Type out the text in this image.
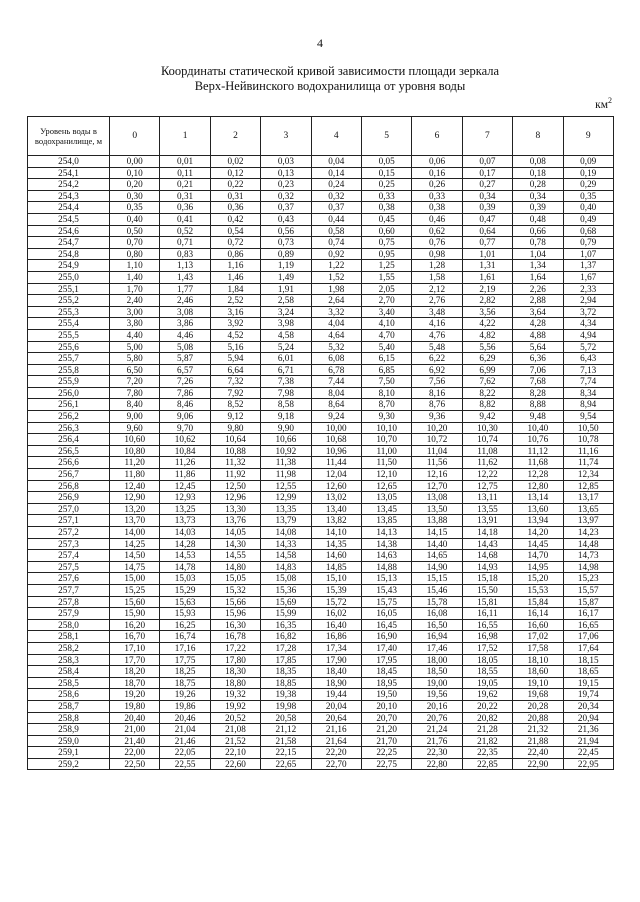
4
Координаты статической кривой зависимости площади зеркала
Верх-Нейвинского водохранилища от уровня воды
$км^2$
Уровень воды в водохранилище, м	0	1	2	3	4	5	6	7	8	9
254,0	0,00	0,01	0,02	0,03	0,04	0,05	0,06	0,07	0,08	0,09
254,1	0,10	0,11	0,12	0,13	0,14	0,15	0,16	0,17	0,18	0,19
254,2	0,20	0,21	0,22	0,23	0,24	0,25	0,26	0,27	0,28	0,29
254,3	0,30	0,31	0,31	0,32	0,32	0,33	0,33	0,34	0,34	0,35
254,4	0,35	0,36	0,36	0,37	0,37	0,38	0,38	0,39	0,39	0,40
254,5	0,40	0,41	0,42	0,43	0,44	0,45	0,46	0,47	0,48	0,49
254,6	0,50	0,52	0,54	0,56	0,58	0,60	0,62	0,64	0,66	0,68
254,7	0,70	0,71	0,72	0,73	0,74	0,75	0,76	0,77	0,78	0,79
254,8	0,80	0,83	0,86	0,89	0,92	0,95	0,98	1,01	1,04	1,07
254,9	1,10	1,13	1,16	1,19	1,22	1,25	1,28	1,31	1,34	1,37
255,0	1,40	1,43	1,46	1,49	1,52	1,55	1,58	1,61	1,64	1,67
255,1	1,70	1,77	1,84	1,91	1,98	2,05	2,12	2,19	2,26	2,33
255,2	2,40	2,46	2,52	2,58	2,64	2,70	2,76	2,82	2,88	2,94
255,3	3,00	3,08	3,16	3,24	3,32	3,40	3,48	3,56	3,64	3,72
255,4	3,80	3,86	3,92	3,98	4,04	4,10	4,16	4,22	4,28	4,34
255,5	4,40	4,46	4,52	4,58	4,64	4,70	4,76	4,82	4,88	4,94
255,6	5,00	5,08	5,16	5,24	5,32	5,40	5,48	5,56	5,64	5,72
255,7	5,80	5,87	5,94	6,01	6,08	6,15	6,22	6,29	6,36	6,43
255,8	6,50	6,57	6,64	6,71	6,78	6,85	6,92	6,99	7,06	7,13
255,9	7,20	7,26	7,32	7,38	7,44	7,50	7,56	7,62	7,68	7,74
256,0	7,80	7,86	7,92	7,98	8,04	8,10	8,16	8,22	8,28	8,34
256,1	8,40	8,46	8,52	8,58	8,64	8,70	8,76	8,82	8,88	8,94
256,2	9,00	9,06	9,12	9,18	9,24	9,30	9,36	9,42	9,48	9,54
256,3	9,60	9,70	9,80	9,90	10,00	10,10	10,20	10,30	10,40	10,50
256,4	10,60	10,62	10,64	10,66	10,68	10,70	10,72	10,74	10,76	10,78
256,5	10,80	10,84	10,88	10,92	10,96	11,00	11,04	11,08	11,12	11,16
256,6	11,20	11,26	11,32	11,38	11,44	11,50	11,56	11,62	11,68	11,74
256,7	11,80	11,86	11,92	11,98	12,04	12,10	12,16	12,22	12,28	12,34
256,8	12,40	12,45	12,50	12,55	12,60	12,65	12,70	12,75	12,80	12,85
256,9	12,90	12,93	12,96	12,99	13,02	13,05	13,08	13,11	13,14	13,17
257,0	13,20	13,25	13,30	13,35	13,40	13,45	13,50	13,55	13,60	13,65
257,1	13,70	13,73	13,76	13,79	13,82	13,85	13,88	13,91	13,94	13,97
257,2	14,00	14,03	14,05	14,08	14,10	14,13	14,15	14,18	14,20	14,23
257,3	14,25	14,28	14,30	14,33	14,35	14,38	14,40	14,43	14,45	14,48
257,4	14,50	14,53	14,55	14,58	14,60	14,63	14,65	14,68	14,70	14,73
257,5	14,75	14,78	14,80	14,83	14,85	14,88	14,90	14,93	14,95	14,98
257,6	15,00	15,03	15,05	15,08	15,10	15,13	15,15	15,18	15,20	15,23
257,7	15,25	15,29	15,32	15,36	15,39	15,43	15,46	15,50	15,53	15,57
257,8	15,60	15,63	15,66	15,69	15,72	15,75	15,78	15,81	15,84	15,87
257,9	15,90	15,93	15,96	15,99	16,02	16,05	16,08	16,11	16,14	16,17
258,0	16,20	16,25	16,30	16,35	16,40	16,45	16,50	16,55	16,60	16,65
258,1	16,70	16,74	16,78	16,82	16,86	16,90	16,94	16,98	17,02	17,06
258,2	17,10	17,16	17,22	17,28	17,34	17,40	17,46	17,52	17,58	17,64
258,3	17,70	17,75	17,80	17,85	17,90	17,95	18,00	18,05	18,10	18,15
258,4	18,20	18,25	18,30	18,35	18,40	18,45	18,50	18,55	18,60	18,65
258,5	18,70	18,75	18,80	18,85	18,90	18,95	19,00	19,05	19,10	19,15
258,6	19,20	19,26	19,32	19,38	19,44	19,50	19,56	19,62	19,68	19,74
258,7	19,80	19,86	19,92	19,98	20,04	20,10	20,16	20,22	20,28	20,34
258,8	20,40	20,46	20,52	20,58	20,64	20,70	20,76	20,82	20,88	20,94
258,9	21,00	21,04	21,08	21,12	21,16	21,20	21,24	21,28	21,32	21,36
259,0	21,40	21,46	21,52	21,58	21,64	21,70	21,76	21,82	21,88	21,94
259,1	22,00	22,05	22,10	22,15	22,20	22,25	22,30	22,35	22,40	22,45
259,2	22,50	22,55	22,60	22,65	22,70	22,75	22,80	22,85	22,90	22,95
